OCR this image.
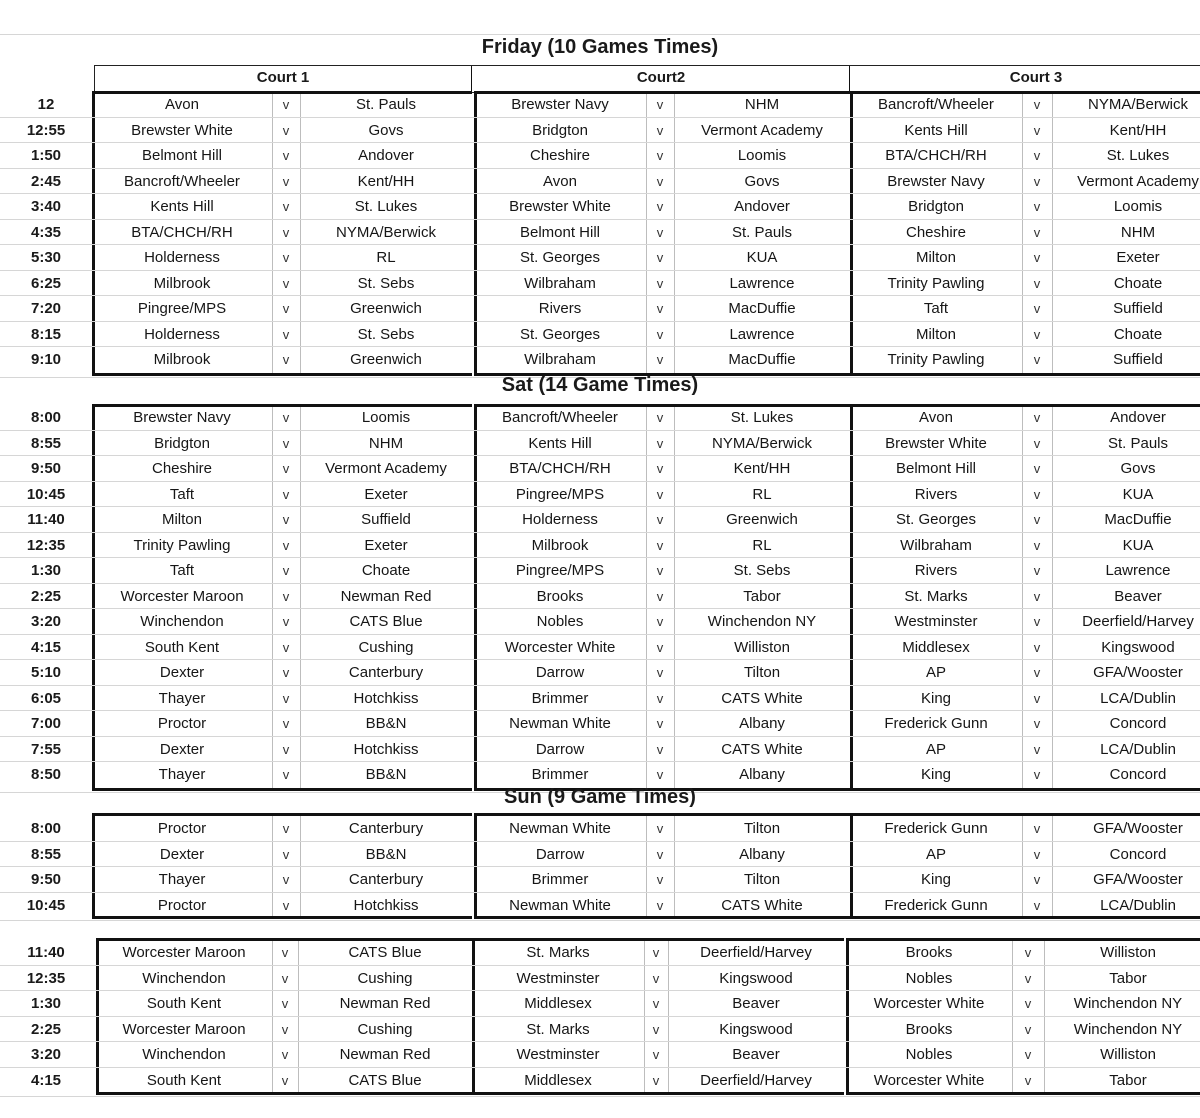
Court 1	Court2	Court 3
Friday (10 Games Times)
12	Avon	v	St. Pauls	Brewster Navy	v	NHM	Bancroft/Wheeler	v	NYMA/Berwick
12:55	Brewster White	v	Govs	Bridgton	v	Vermont Academy	Kents Hill	v	Kent/HH
1:50	Belmont Hill	v	Andover	Cheshire	v	Loomis	BTA/CHCH/RH	v	St. Lukes
2:45	Bancroft/Wheeler	v	Kent/HH	Avon	v	Govs	Brewster Navy	v	Vermont Academy
3:40	Kents Hill	v	St. Lukes	Brewster White	v	Andover	Bridgton	v	Loomis
4:35	BTA/CHCH/RH	v	NYMA/Berwick	Belmont Hill	v	St. Pauls	Cheshire	v	NHM
5:30	Holderness	v	RL	St. Georges	v	KUA	Milton	v	Exeter
6:25	Milbrook	v	St. Sebs	Wilbraham	v	Lawrence	Trinity Pawling	v	Choate
7:20	Pingree/MPS	v	Greenwich	Rivers	v	MacDuffie	Taft	v	Suffield
8:15	Holderness	v	St. Sebs	St. Georges	v	Lawrence	Milton	v	Choate
9:10	Milbrook	v	Greenwich	Wilbraham	v	MacDuffie	Trinity Pawling	v	Suffield
Sat (14 Game Times)
8:00	Brewster Navy	v	Loomis	Bancroft/Wheeler	v	St. Lukes	Avon	v	Andover
8:55	Bridgton	v	NHM	Kents Hill	v	NYMA/Berwick	Brewster White	v	St. Pauls
9:50	Cheshire	v	Vermont Academy	BTA/CHCH/RH	v	Kent/HH	Belmont Hill	v	Govs
10:45	Taft	v	Exeter	Pingree/MPS	v	RL	Rivers	v	KUA
11:40	Milton	v	Suffield	Holderness	v	Greenwich	St. Georges	v	MacDuffie
12:35	Trinity Pawling	v	Exeter	Milbrook	v	RL	Wilbraham	v	KUA
1:30	Taft	v	Choate	Pingree/MPS	v	St. Sebs	Rivers	v	Lawrence
2:25	Worcester Maroon	v	Newman Red	Brooks	v	Tabor	St. Marks	v	Beaver
3:20	Winchendon	v	CATS Blue	Nobles	v	Winchendon NY	Westminster	v	Deerfield/Harvey
4:15	South Kent	v	Cushing	Worcester White	v	Williston	Middlesex	v	Kingswood
5:10	Dexter	v	Canterbury	Darrow	v	Tilton	AP	v	GFA/Wooster
6:05	Thayer	v	Hotchkiss	Brimmer	v	CATS White	King	v	LCA/Dublin
7:00	Proctor	v	BB&N	Newman White	v	Albany	Frederick Gunn	v	Concord
7:55	Dexter	v	Hotchkiss	Darrow	v	CATS White	AP	v	LCA/Dublin
8:50	Thayer	v	BB&N	Brimmer	v	Albany	King	v	Concord
Sun (9 Game Times)
8:00	Proctor	v	Canterbury	Newman White	v	Tilton	Frederick Gunn	v	GFA/Wooster
8:55	Dexter	v	BB&N	Darrow	v	Albany	AP	v	Concord
9:50	Thayer	v	Canterbury	Brimmer	v	Tilton	King	v	GFA/Wooster
10:45	Proctor	v	Hotchkiss	Newman White	v	CATS White	Frederick Gunn	v	LCA/Dublin
11:40	Worcester Maroon	v	CATS Blue	St. Marks	v	Deerfield/Harvey	Brooks	v	Williston
12:35	Winchendon	v	Cushing	Westminster	v	Kingswood	Nobles	v	Tabor
1:30	South Kent	v	Newman Red	Middlesex	v	Beaver	Worcester White	v	Winchendon NY
2:25	Worcester Maroon	v	Cushing	St. Marks	v	Kingswood	Brooks	v	Winchendon NY
3:20	Winchendon	v	Newman Red	Westminster	v	Beaver	Nobles	v	Williston
4:15	South Kent	v	CATS Blue	Middlesex	v	Deerfield/Harvey	Worcester White	v	Tabor
